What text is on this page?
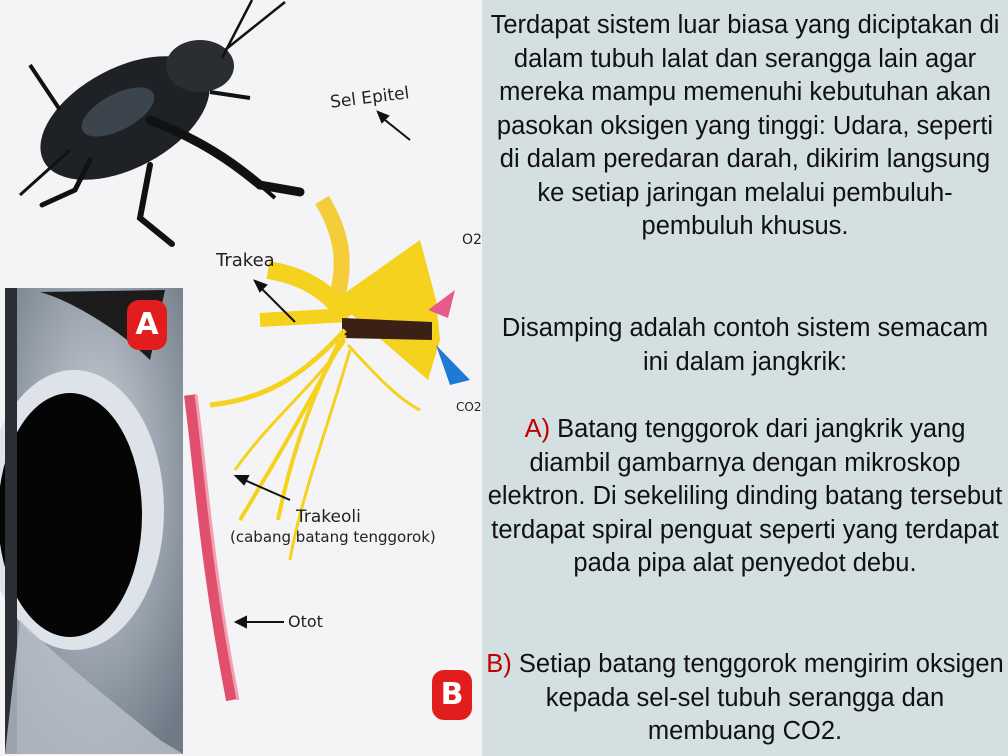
Sel Epitel
Trakea
O2
CO2
Trakeoli
(cabang batang tenggorok)
Otot
A
B
Terdapat sistem luar biasa yang diciptakan di dalam tubuh lalat dan serangga lain agar mereka mampu memenuhi kebutuhan akan pasokan oksigen yang tinggi: Udara, seperti di dalam peredaran darah, dikirim langsung ke setiap jaringan melalui pembuluh-pembuluh khusus.
Disamping adalah contoh sistem semacam ini dalam jangkrik:
A) Batang tenggorok dari jangkrik yang diambil gambarnya dengan mikroskop elektron. Di sekeliling dinding batang tersebut terdapat spiral penguat seperti yang terdapat pada pipa alat penyedot debu.
B) Setiap batang tenggorok mengirim oksigen kepada sel-sel tubuh serangga dan membuang CO2.
